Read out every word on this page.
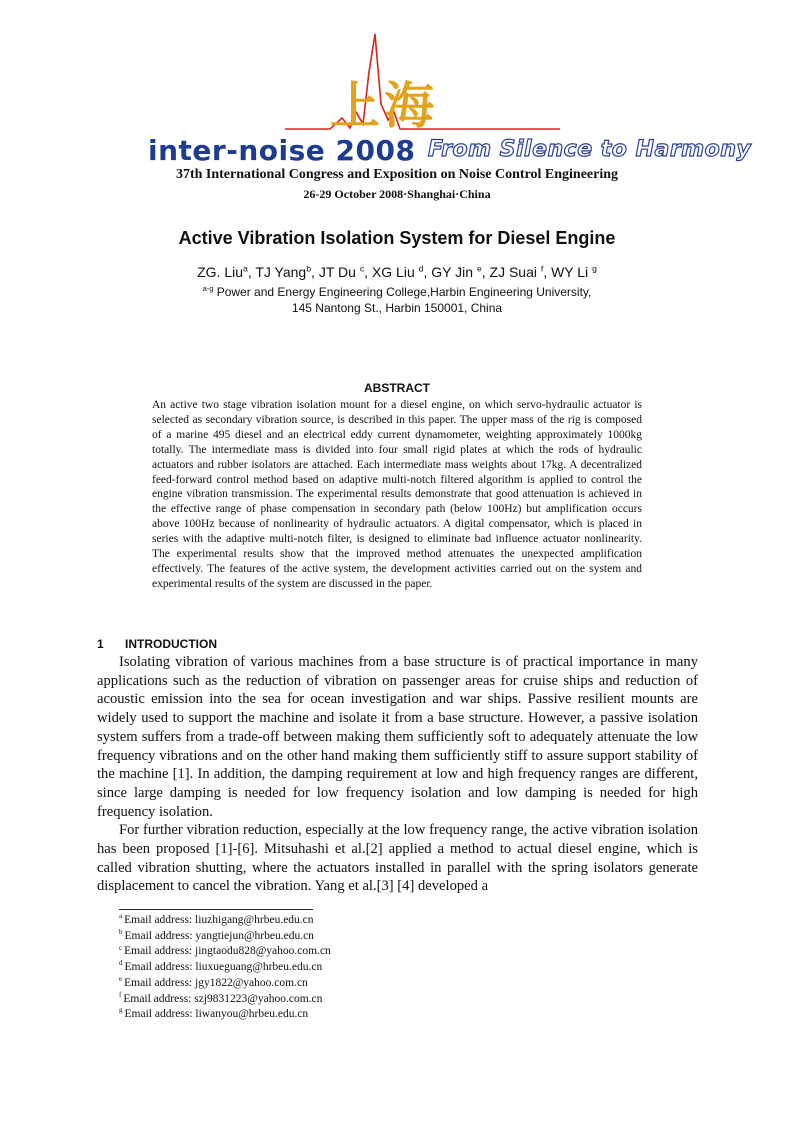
上海
inter-noise 2008 From Silence to Harmony
37th International Congress and Exposition on Noise Control Engineering
26-29 October 2008·Shanghai·China
Active Vibration Isolation System for Diesel Engine
ZG. Liu$^a$, TJ Yang$^b$, JT Du $^c$, XG Liu $^d$, GY Jin $^e$, ZJ Suai $^f$, WY Li $^g$
$^{a-g}$ Power and Energy Engineering College,Harbin Engineering University,
145 Nantong St., Harbin 150001, China
ABSTRACT

An active two stage vibration isolation mount for a diesel engine, on which servo-hydraulic actuator is selected as secondary vibration source, is described in this paper. The upper mass of the rig is composed of a marine 495 diesel and an electrical eddy current dynamometer, weighting approximately 1000kg totally. The intermediate mass is divided into four small rigid plates at which the rods of hydraulic actuators and rubber isolators are attached. Each intermediate mass weights about 17kg. A decentralized feed-forward control method based on adaptive multi-notch filtered algorithm is applied to control the engine vibration transmission. The experimental results demonstrate that good attenuation is achieved in the effective range of phase compensation in secondary path (below 100Hz) but amplification occurs above 100Hz because of nonlinearity of hydraulic actuators. A digital compensator, which is placed in series with the adaptive multi-notch filter, is designed to eliminate bad influence actuator nonlinearity. The experimental results show that the improved method attenuates the unexpected amplification effectively. The features of the active system, the development activities carried out on the system and experimental results of the system are discussed in the paper.

1 INTRODUCTION

Isolating vibration of various machines from a base structure is of practical importance in many applications such as the reduction of vibration on passenger areas for cruise ships and reduction of acoustic emission into the sea for ocean investigation and war ships. Passive resilient mounts are widely used to support the machine and isolate it from a base structure. However, a passive isolation system suffers from a trade-off between making them sufficiently soft to adequately attenuate the low frequency vibrations and on the other hand making them sufficiently stiff to assure support stability of the machine [1]. In addition, the damping requirement at low and high frequency ranges are different, since large damping is needed for low frequency isolation and low damping is needed for high frequency isolation.

For further vibration reduction, especially at the low frequency range, the active vibration isolation has been proposed [1]-[6]. Mitsuhashi et al.[2] applied a method to actual diesel engine, which is called vibration shutting, where the actuators installed in parallel with the spring isolators generate displacement to cancel the vibration. Yang et al.[3] [4] developed a

$^a$ Email address: liuzhigang@hrbeu.edu.cn
$^b$ Email address: yangtiejun@hrbeu.edu.cn
$^c$ Email address: jingtaodu828@yahoo.com.cn
$^d$ Email address: liuxueguang@hrbeu.edu.cn
$^e$ Email address: jgy1822@yahoo.com.cn
$^f$ Email address: szj9831223@yahoo.com.cn
$^g$ Email address: liwanyou@hrbeu.edu.cn
